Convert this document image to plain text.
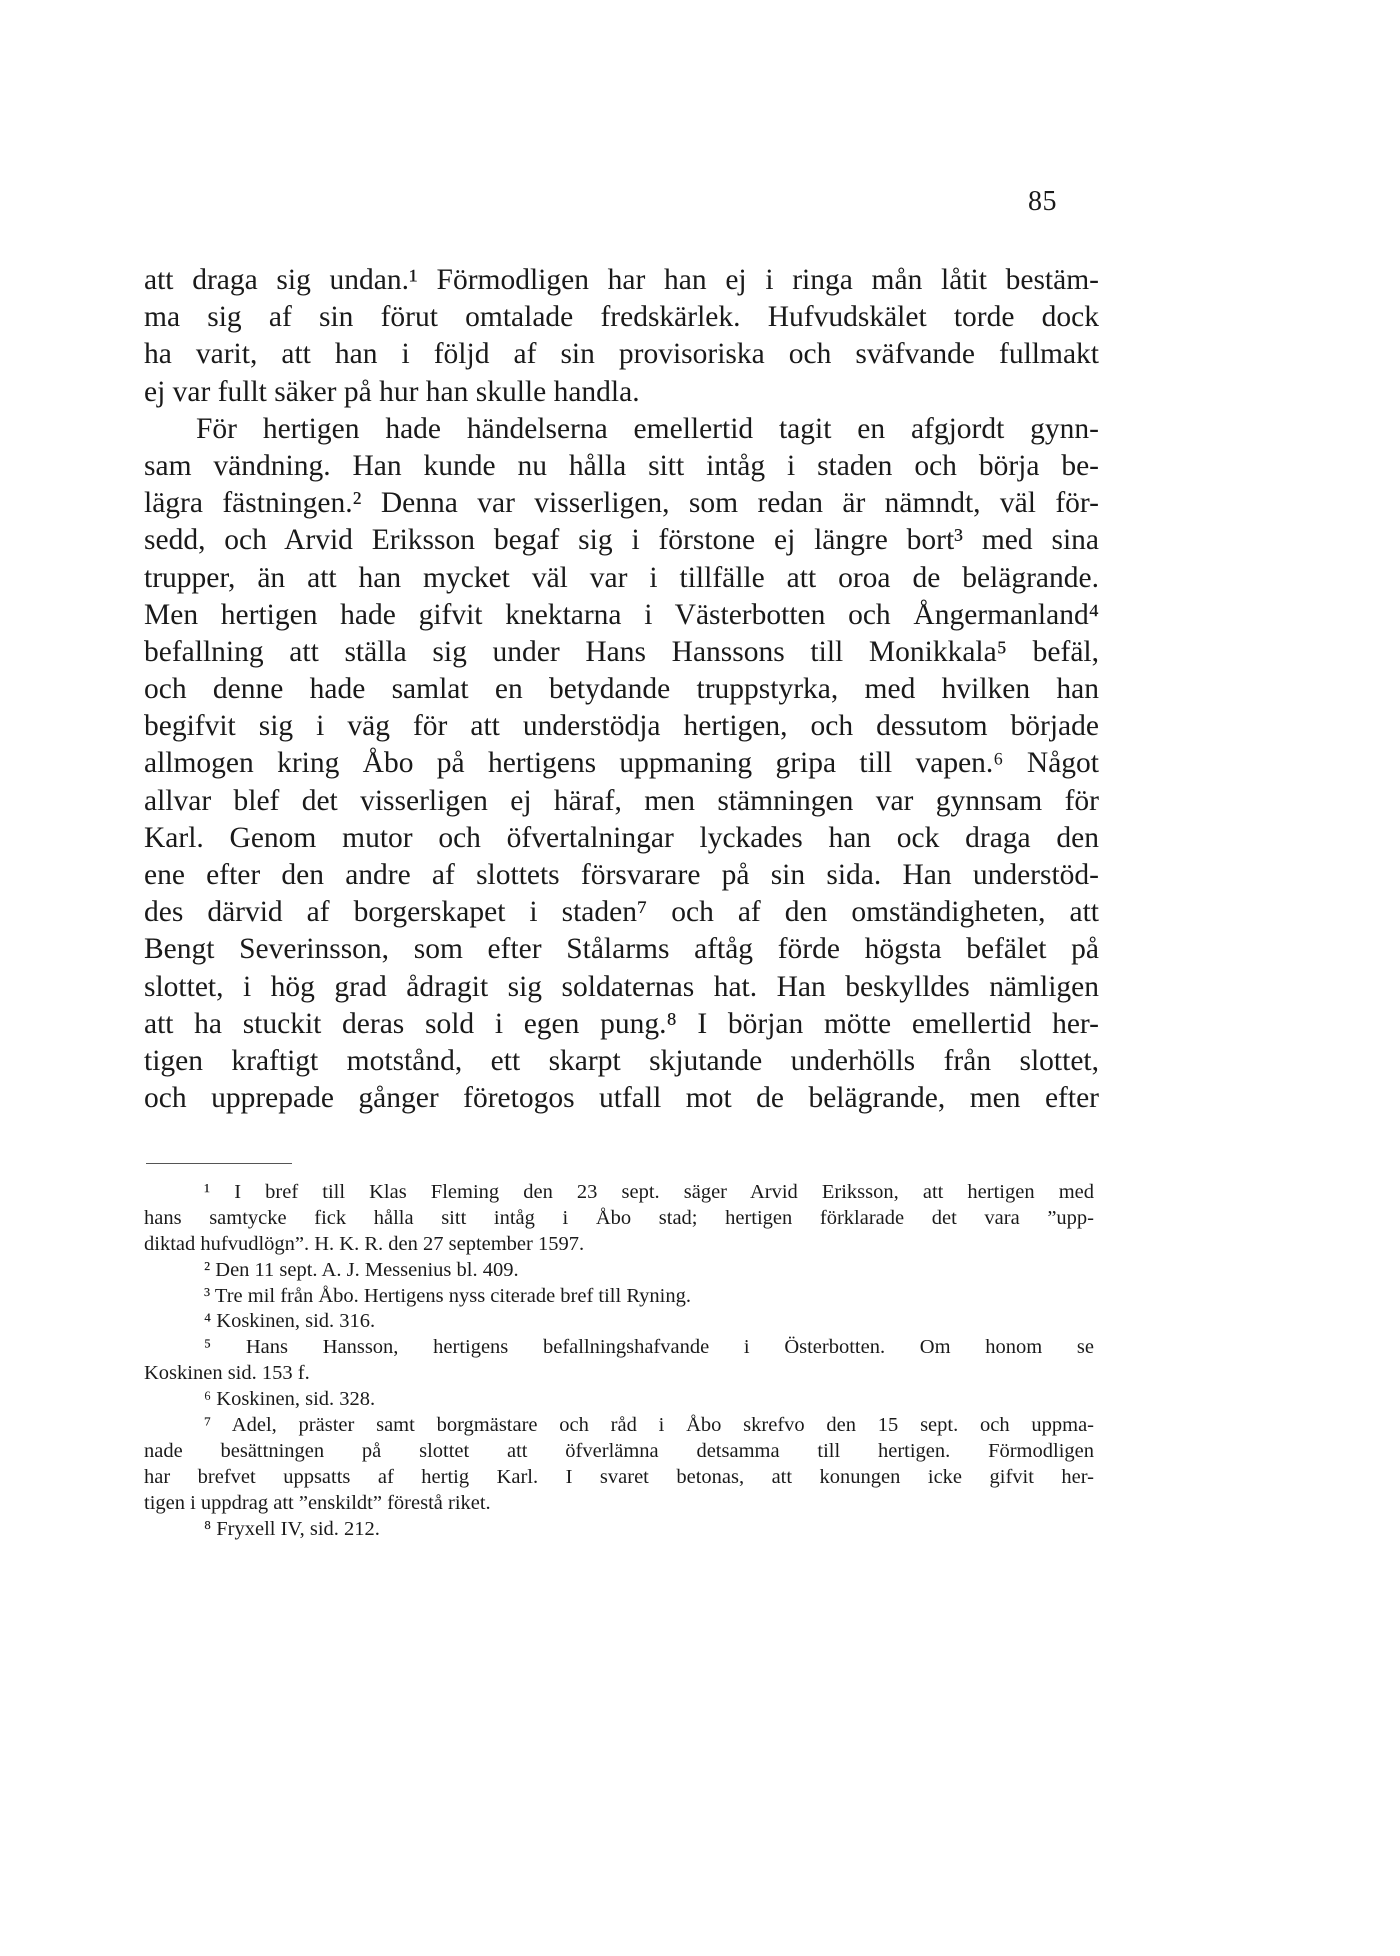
85
att draga sig undan.¹ Förmodligen har han ej i ringa mån låtit bestäm-
ma sig af sin förut omtalade fredskärlek. Hufvudskälet torde dock
ha varit, att han i följd af sin provisoriska och sväfvande fullmakt
ej var fullt säker på hur han skulle handla.
För hertigen hade händelserna emellertid tagit en afgjordt gynn-
sam vändning. Han kunde nu hålla sitt intåg i staden och börja be-
lägra fästningen.² Denna var visserligen, som redan är nämndt, väl för-
sedd, och Arvid Eriksson begaf sig i förstone ej längre bort³ med sina
trupper, än att han mycket väl var i tillfälle att oroa de belägrande.
Men hertigen hade gifvit knektarna i Västerbotten och Ångermanland⁴
befallning att ställa sig under Hans Hanssons till Monikkala⁵ befäl,
och denne hade samlat en betydande truppstyrka, med hvilken han
begifvit sig i väg för att understödja hertigen, och dessutom började
allmogen kring Åbo på hertigens uppmaning gripa till vapen.⁶ Något
allvar blef det visserligen ej häraf, men stämningen var gynnsam för
Karl. Genom mutor och öfvertalningar lyckades han ock draga den
ene efter den andre af slottets försvarare på sin sida. Han understöd-
des därvid af borgerskapet i staden⁷ och af den omständigheten, att
Bengt Severinsson, som efter Stålarms aftåg förde högsta befälet på
slottet, i hög grad ådragit sig soldaternas hat. Han beskylldes nämligen
att ha stuckit deras sold i egen pung.⁸ I början mötte emellertid her-
tigen kraftigt motstånd, ett skarpt skjutande underhölls från slottet,
och upprepade gånger företogos utfall mot de belägrande, men efter
¹ I bref till Klas Fleming den 23 sept. säger Arvid Eriksson, att hertigen med
hans samtycke fick hålla sitt intåg i Åbo stad; hertigen förklarade det vara ”upp-
diktad hufvudlögn”. H. K. R. den 27 september 1597.
² Den 11 sept. A. J. Messenius bl. 409.
³ Tre mil från Åbo. Hertigens nyss citerade bref till Ryning.
⁴ Koskinen, sid. 316.
⁵ Hans Hansson, hertigens befallningshafvande i Österbotten. Om honom se
Koskinen sid. 153 f.
⁶ Koskinen, sid. 328.
⁷ Adel, präster samt borgmästare och råd i Åbo skrefvo den 15 sept. och uppma-
nade besättningen på slottet att öfverlämna detsamma till hertigen. Förmodligen
har brefvet uppsatts af hertig Karl. I svaret betonas, att konungen icke gifvit her-
tigen i uppdrag att ”enskildt” förestå riket.
⁸ Fryxell IV, sid. 212.
